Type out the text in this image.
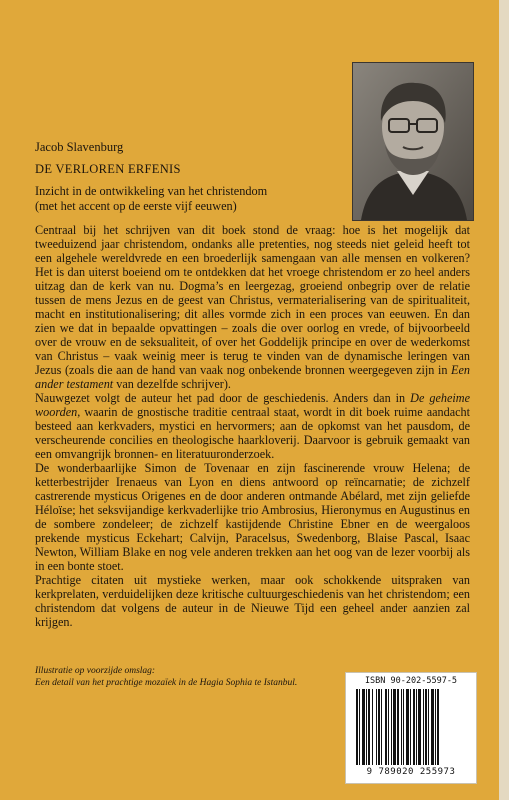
Jacob Slavenburg
DE VERLOREN ERFENIS
Inzicht in de ontwikkeling van het christendom
(met het accent op de eerste vijf eeuwen)

Centraal bij het schrijven van dit boek stond de vraag: hoe is het mogelijk dat tweeduizend jaar christendom, ondanks alle pretenties, nog steeds niet geleid heeft tot een algehele wereldvrede en een broederlijk samengaan van alle mensen en volkeren? Het is dan uiterst boeiend om te ontdekken dat het vroege christendom er zo heel anders uitzag dan de kerk van nu. Dogma’s en leergezag, groeiend onbegrip over de relatie tussen de mens Jezus en de geest van Christus, vermaterialisering van de spiritualiteit, macht en institutionalisering; dit alles vormde zich in een proces van eeuwen. En dan zien we dat in bepaalde opvattingen – zoals die over oorlog en vrede, of bijvoorbeeld over de vrouw en de seksualiteit, of over het Goddelijk principe en over de wederkomst van Christus – vaak weinig meer is terug te vinden van de dynamische leringen van Jezus (zoals die aan de hand van vaak nog onbekende bronnen weergegeven zijn in Een ander testament van dezelfde schrijver).

Nauwgezet volgt de auteur het pad door de geschiedenis. Anders dan in De geheime woorden, waarin de gnostische traditie centraal staat, wordt in dit boek ruime aandacht besteed aan kerkvaders, mystici en hervormers; aan de opkomst van het pausdom, de verscheurende concilies en theologische haarkloverij. Daarvoor is gebruik gemaakt van een omvangrijk bronnen- en literatuuronderzoek.

De wonderbaarlijke Simon de Tovenaar en zijn fascinerende vrouw Helena; de ketterbestrijder Irenaeus van Lyon en diens antwoord op reïncarnatie; de zichzelf castrerende mysticus Origenes en de door anderen ontmande Abélard, met zijn geliefde Héloïse; het seksvijandige kerkvaderlijke trio Ambrosius, Hieronymus en Augustinus en de sombere zondeleer; de zichzelf kastijdende Christine Ebner en de weergaloos prekende mysticus Eckehart; Calvijn, Paracelsus, Swedenborg, Blaise Pascal, Isaac Newton, William Blake en nog vele anderen trekken aan het oog van de lezer voorbij als in een bonte stoet.

Prachtige citaten uit mystieke werken, maar ook schokkende uitspraken van kerkprelaten, verduidelijken deze kritische cultuurgeschiedenis van het christendom; een christendom dat volgens de auteur in de Nieuwe Tijd een geheel ander aanzien zal krijgen.

Illustratie op voorzijde omslag:
Een detail van het prachtige mozaïek in de Hagia Sophia te Istanbul.	ISBN 90-202-5597-5
9 789020 255973
